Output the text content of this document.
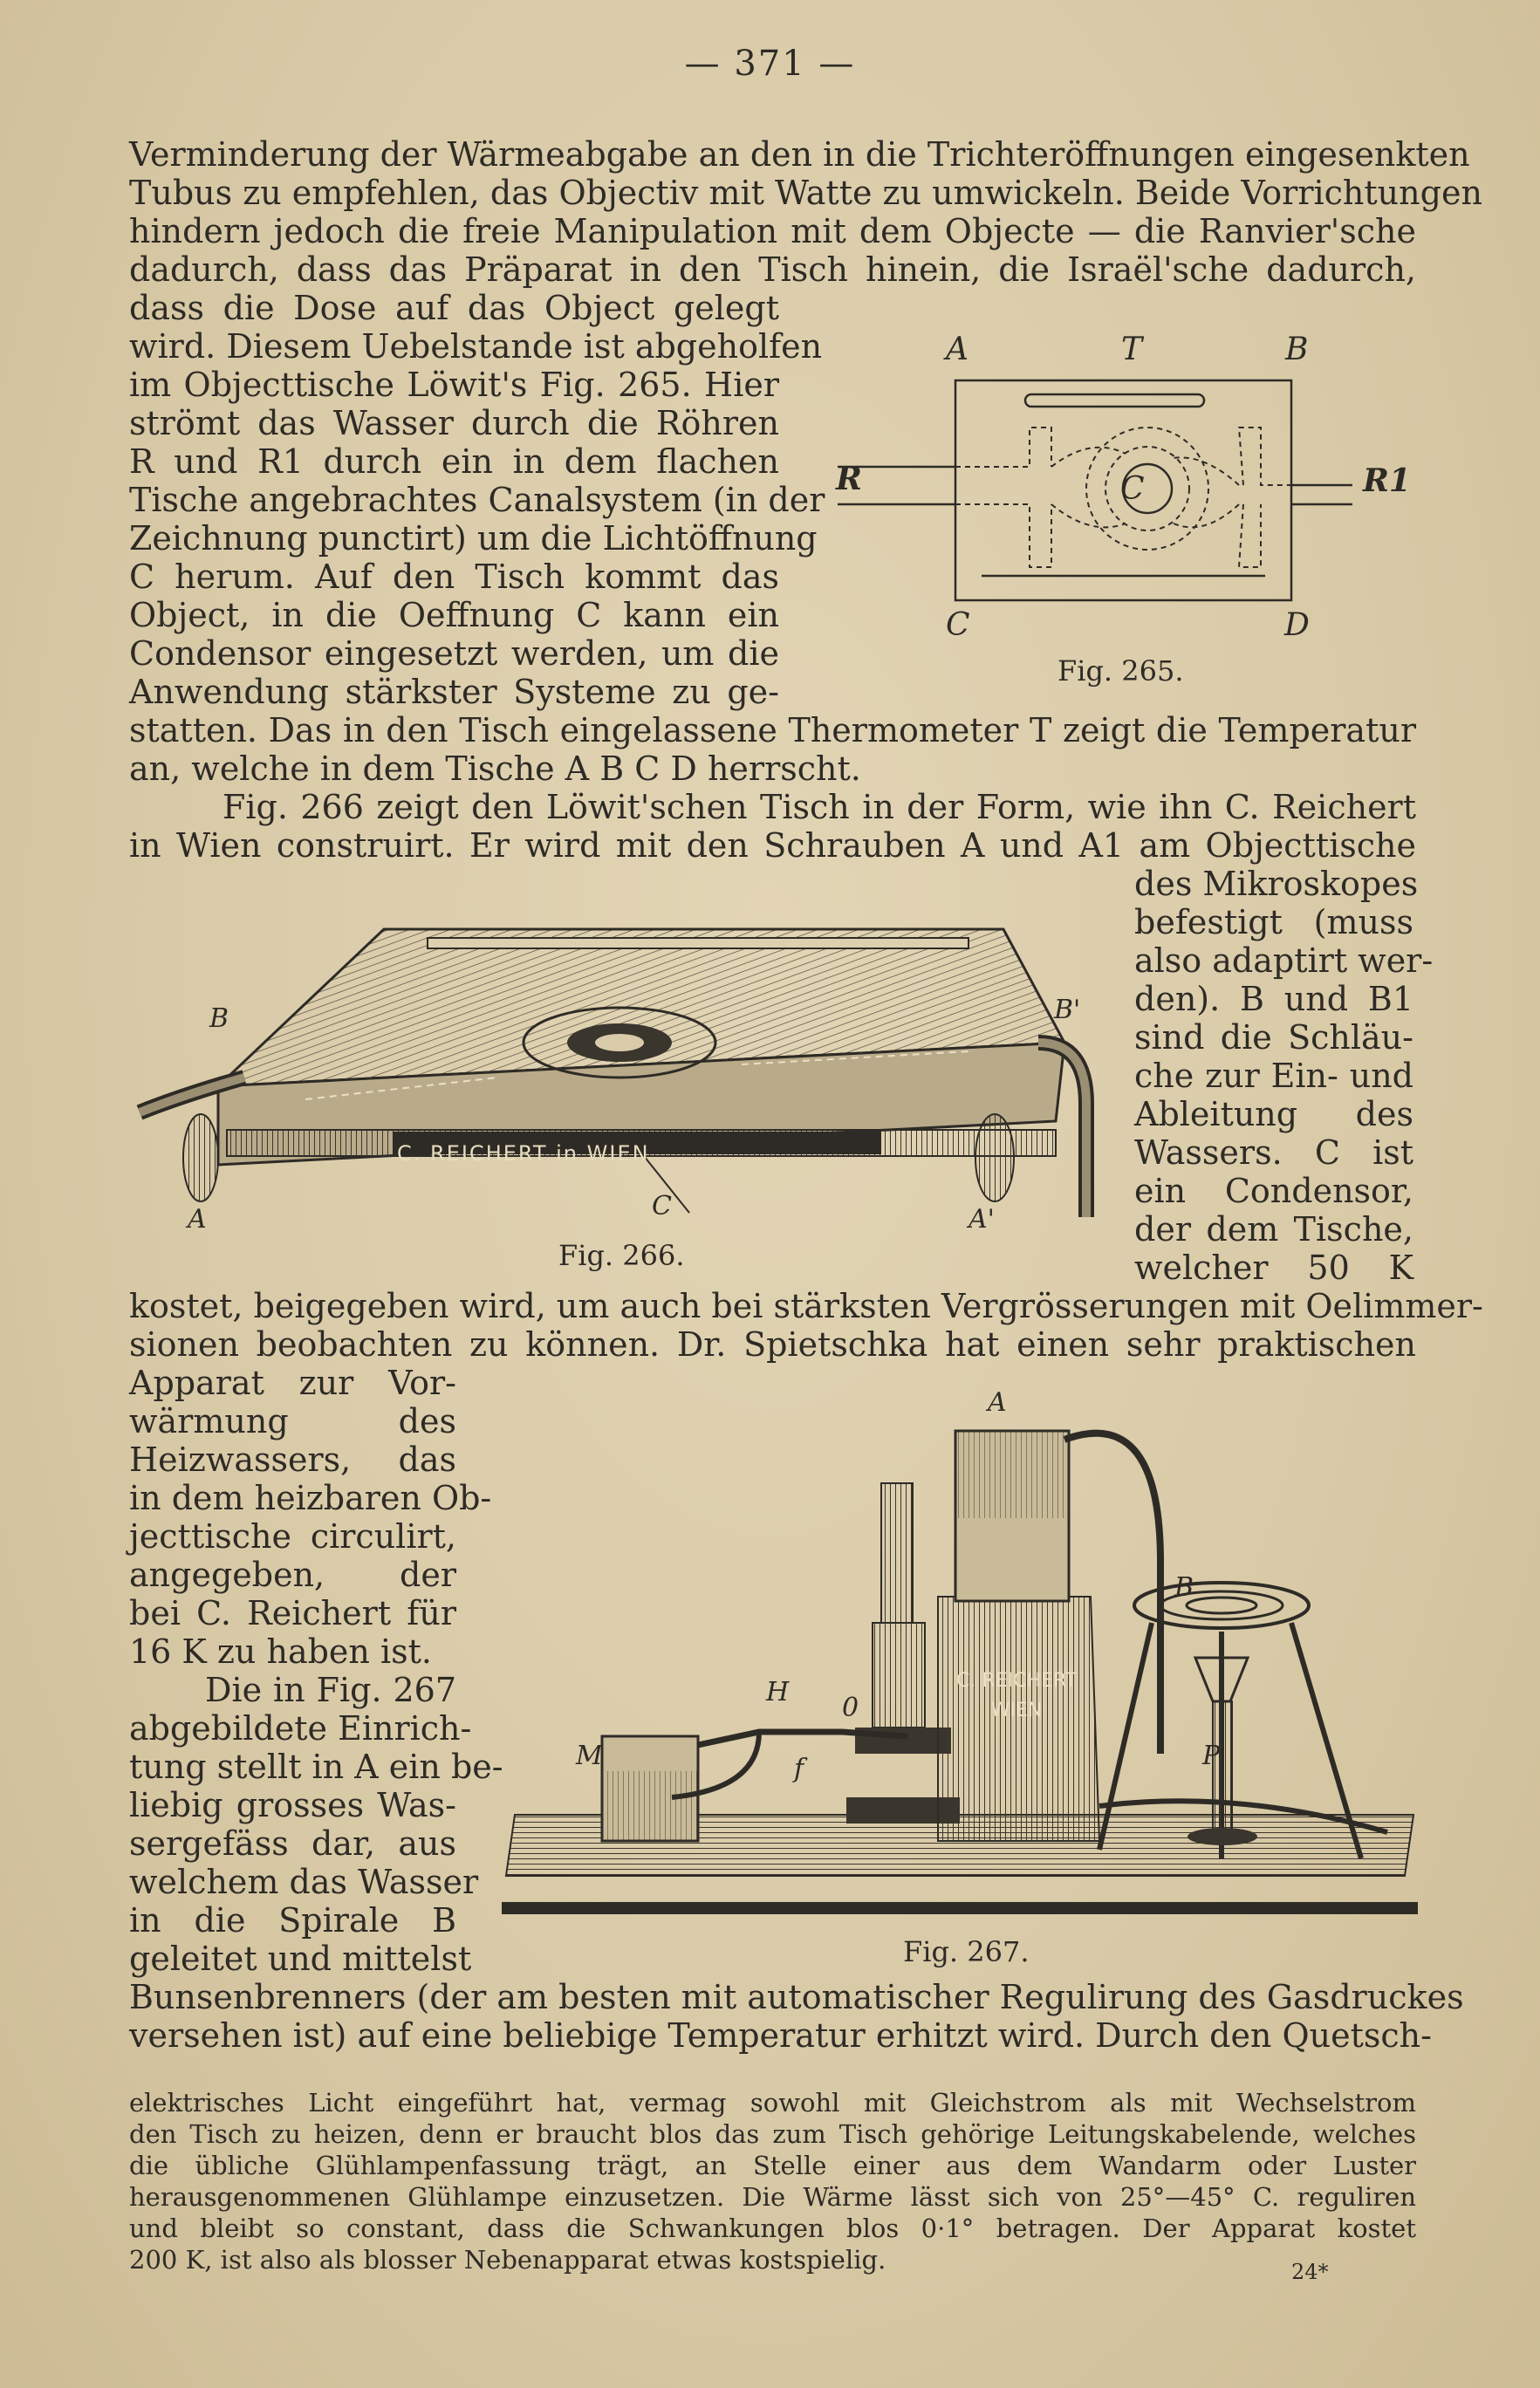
— 371 —
Verminderung der Wärmeabgabe an den in die Trichteröffnungen eingesenkten
Tubus zu empfehlen, das Objectiv mit Watte zu umwickeln. Beide Vorrichtungen
hindern jedoch die freie Manipulation mit dem Objecte — die Ranvier'sche
dadurch, dass das Präparat in den Tisch hinein, die Israël'sche dadurch,
dass die Dose auf das Object gelegt
wird. Diesem Uebelstande ist abgeholfen
im Objecttische Löwit's Fig. 265. Hier
strömt das Wasser durch die Röhren
R und R1 durch ein in dem flachen
Tische angebrachtes Canalsystem (in der
Zeichnung punctirt) um die Lichtöffnung
C herum. Auf den Tisch kommt das
Object, in die Oeffnung C kann ein
Condensor eingesetzt werden, um die
Anwendung stärkster Systeme zu ge-
statten. Das in den Tisch eingelassene Thermometer T zeigt die Temperatur
an, welche in dem Tische A B C D herrscht.
Fig. 266 zeigt den Löwit'schen Tisch in der Form, wie ihn C. Reichert
in Wien construirt. Er wird mit den Schrauben A und A1 am Objecttische
des Mikroskopes
befestigt (muss
also adaptirt wer-
den). B und B1
sind die Schläu-
che zur Ein- und
Ableitung des
Wassers. C ist
ein Condensor,
der dem Tische,
welcher 50 K
kostet, beigegeben wird, um auch bei stärksten Vergrösserungen mit Oelimmer-
sionen beobachten zu können. Dr. Spietschka hat einen sehr praktischen
Apparat zur Vor-
wärmung des
Heizwassers, das
in dem heizbaren Ob-
jecttische circulirt,
angegeben, der
bei C. Reichert für
16 K zu haben ist.
Die in Fig. 267
abgebildete Einrich-
tung stellt in A ein be-
liebig grosses Was-
sergefäss dar, aus
welchem das Wasser
in die Spirale B
geleitet und mittelst
Bunsenbrenners (der am besten mit automatischer Regulirung des Gasdruckes
versehen ist) auf eine beliebige Temperatur erhitzt wird. Durch den Quetsch-
elektrisches Licht eingeführt hat, vermag sowohl mit Gleichstrom als mit Wechselstrom
den Tisch zu heizen, denn er braucht blos das zum Tisch gehörige Leitungskabelende, welches
die übliche Glühlampenfassung trägt, an Stelle einer aus dem Wandarm oder Luster
herausgenommenen Glühlampe einzusetzen. Die Wärme lässt sich von 25°—45° C. reguliren
und bleibt so constant, dass die Schwankungen blos 0·1° betragen. Der Apparat kostet
200 K, ist also als blosser Nebenapparat etwas kostspielig.	24*
A	T	B
R	R1
C
C	D
Fig. 265.
C. REICHERT in WIEN
B	B'
A	A'
C
Fig. 266.
C. REICHERT WIEN
A
B
H
0
M	f	P
Fig. 267.
